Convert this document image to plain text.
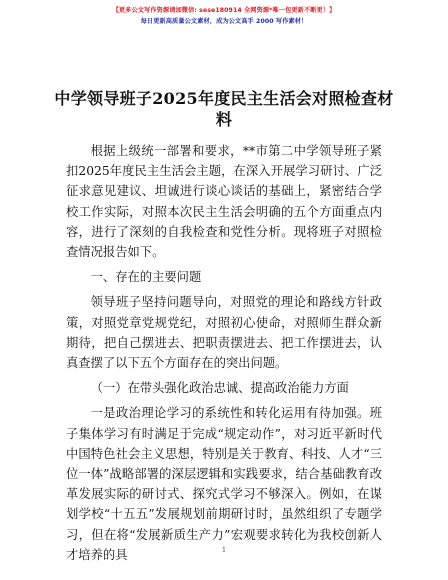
【更多公文写作资源请加微信: sese180914 全网资源*唯一包更新不断更！】
每日更新高质量公文素材，成为公文高手 2000 写作素材！
中学领导班子2025年度民主生活会对照检查材料

根据上级统一部署和要求，**市第二中学领导班子紧扣2025年度民主生活会主题，在深入开展学习研讨、广泛征求意见建议、坦诚进行谈心谈话的基础上，紧密结合学校工作实际，对照本次民主生活会明确的五个方面重点内容，进行了深刻的自我检查和党性分析。现将班子对照检查情况报告如下。

一、存在的主要问题

领导班子坚持问题导向，对照党的理论和路线方针政策，对照党章党规党纪，对照初心使命，对照师生群众新期待，把自己摆进去、把职责摆进去、把工作摆进去，认真查摆了以下五个方面存在的突出问题。

（一）在带头强化政治忠诚、提高政治能力方面

一是政治理论学习的系统性和转化运用有待加强。班子集体学习有时满足于完成“规定动作”，对习近平新时代中国特色社会主义思想，特别是关于教育、科技、人才“三位一体”战略部署的深层逻辑和实践要求，结合基础教育改革发展实际的研讨式、探究式学习不够深入。例如，在谋划学校“十五五”发展规划前期研讨时，虽然组织了专题学习，但在将“发展新质生产力”宏观要求转化为我校创新人才培养的具	1
